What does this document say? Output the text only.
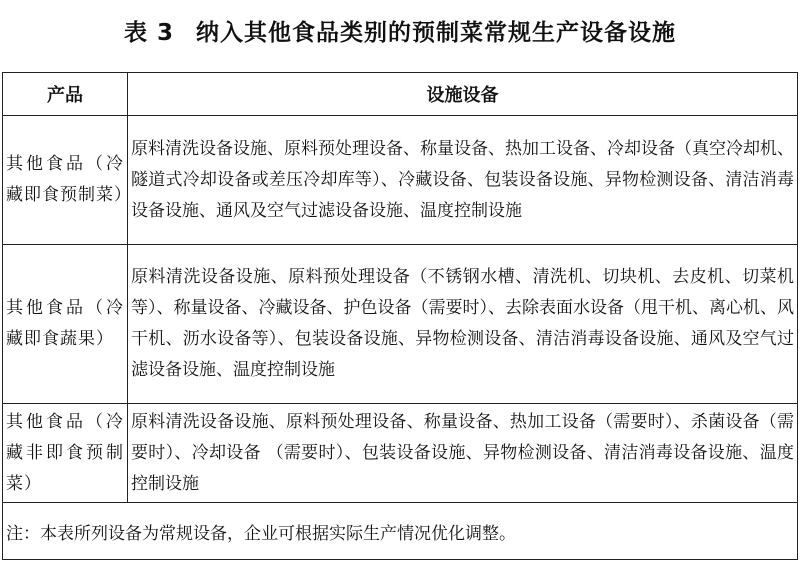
表 3 纳入其他食品类别的预制菜常规生产设备设施
产品	设施设备
其他食品（冷藏即食预制菜）	原料清洗设备设施、原料预处理设备、称量设备、热加工设备、冷却设备（真空冷却机、隧道式冷却设备或差压冷却库等）、冷藏设备、包装设备设施、异物检测设备、清洁消毒设备设施、通风及空气过滤设备设施、温度控制设施
其他食品（冷藏即食蔬果）	原料清洗设备设施、原料预处理设备（不锈钢水槽、清洗机、切块机、去皮机、切菜机等）、称量设备、冷藏设备、护色设备（需要时）、去除表面水设备（甩干机、离心机、风干机、沥水设备等）、包装设备设施、异物检测设备、清洁消毒设备设施、通风及空气过滤设备设施、温度控制设施
其他食品（冷藏非即食预制菜）	原料清洗设备设施、原料预处理设备、称量设备、热加工设备（需要时）、杀菌设备（需要时）、冷却设备 （需要时）、包装设备设施、异物检测设备、清洁消毒设备设施、温度控制设施
注：本表所列设备为常规设备，企业可根据实际生产情况优化调整。	
